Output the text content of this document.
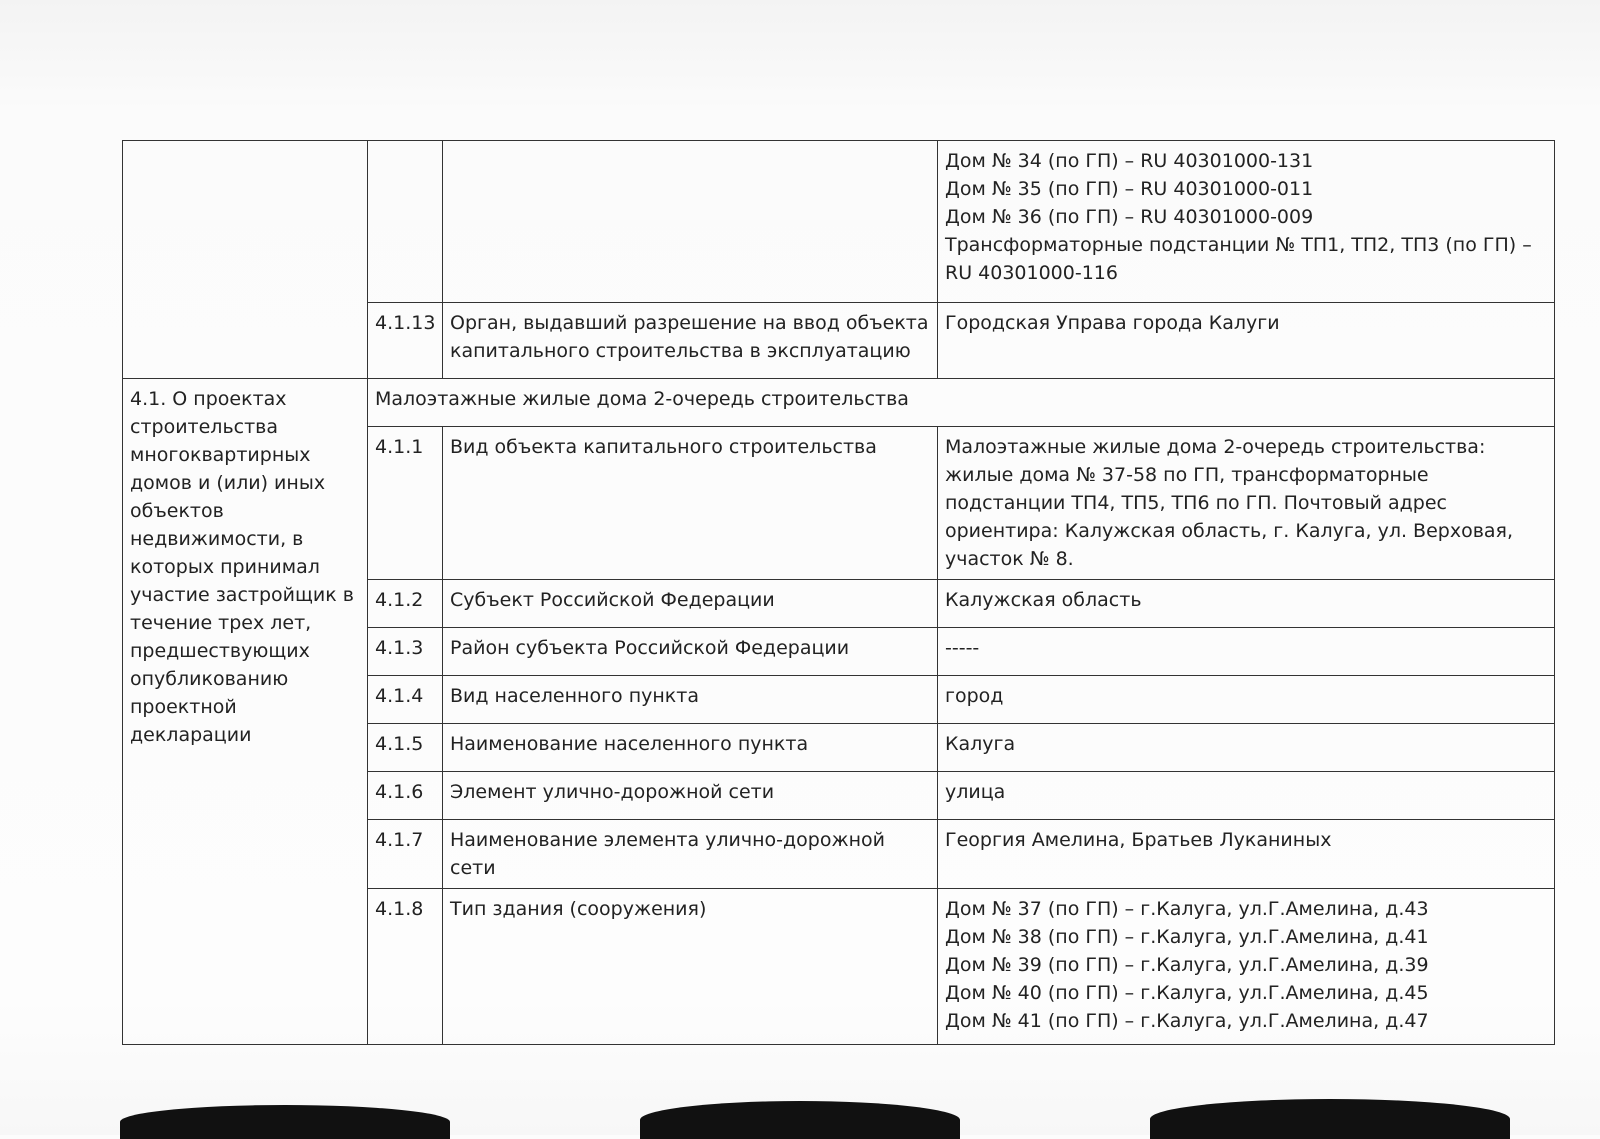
			Дом № 34 (по ГП) – RU 40301000-131
Дом № 35 (по ГП) – RU 40301000-011
Дом № 36 (по ГП) – RU 40301000-009
Трансформаторные подстанции № ТП1, ТП2, ТП3 (по ГП) – RU 40301000-116

	4.1.13	Орган, выдавший разрешение на ввод объекта капитального строительства в эксплуатацию	Городская Управа города Калуги
4.1. О проектах строительства многоквартирных домов и (или) иных объектов недвижимости, в которых принимал участие застройщик в течение трех лет, предшествующих опубликованию проектной декларации	Малоэтажные жилые дома 2-очередь строительства		
	4.1.1	Вид объекта капитального строительства	Малоэтажные жилые дома 2-очередь строительства: жилые дома № 37-58 по ГП, трансформаторные подстанции ТП4, ТП5, ТП6 по ГП. Почтовый адрес ориентира: Калужская область, г. Калуга, ул. Верховая, участок № 8.
	4.1.2	Субъект Российской Федерации	Калужская область
	4.1.3	Район субъекта Российской Федерации	-----
	4.1.4	Вид населенного пункта	город
	4.1.5	Наименование населенного пункта	Калуга
	4.1.6	Элемент улично-дорожной сети	улица
	4.1.7	Наименование элемента улично-дорожной сети	Георгия Амелина, Братьев Луканиных
	4.1.8	Тип здания (сооружения)	Дом № 37 (по ГП) – г.Калуга, ул.Г.Амелина, д.43
Дом № 38 (по ГП) – г.Калуга, ул.Г.Амелина, д.41
Дом № 39 (по ГП) – г.Калуга, ул.Г.Амелина, д.39
Дом № 40 (по ГП) – г.Калуга, ул.Г.Амелина, д.45
Дом № 41 (по ГП) – г.Калуга, ул.Г.Амелина, д.47
